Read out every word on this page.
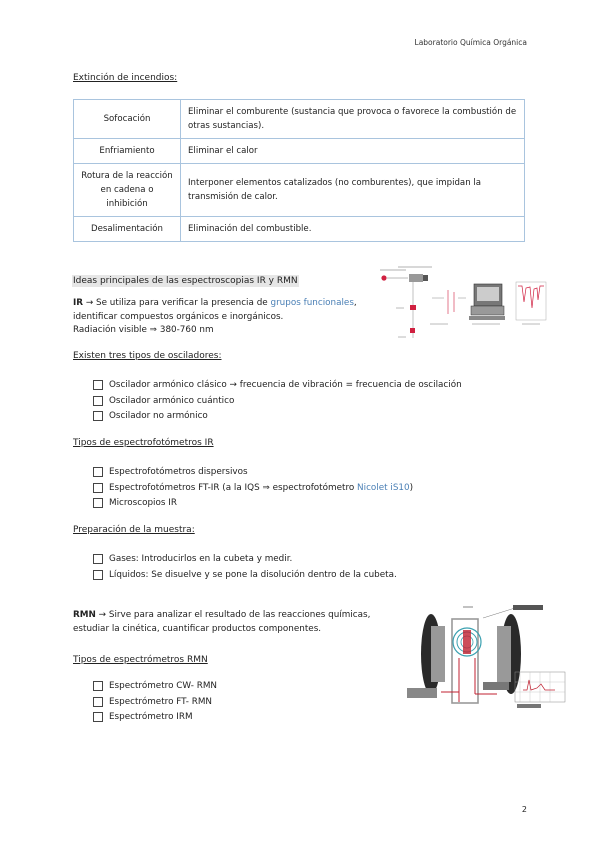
Laboratorio Química Orgánica
Extinción de incendios:
Sofocación	Eliminar el comburente (sustancia que provoca o favorece la combustión de otras sustancias).
Enfriamiento	Eliminar el calor
Rotura de la reacción en cadena o inhibición	Interponer elementos catalizados (no comburentes), que impidan la transmisión de calor.
Desalimentación	Eliminación del combustible.
Ideas principales de las espectroscopias IR y RMN
IR → Se utiliza para verificar la presencia de grupos funcionales,
identificar compuestos orgánicos e inorgánicos.
Radiación visible ⇒ 380-760 nm
Existen tres tipos de osciladores:
Oscilador armónico clásico → frecuencia de vibración = frecuencia de oscilación
Oscilador armónico cuántico
Oscilador no armónico
Tipos de espectrofotómetros IR
Espectrofotómetros dispersivos
Espectrofotómetros FT-IR (a la IQS ⇒ espectrofotómetro Nicolet iS10)
Microscopios IR
Preparación de la muestra:
Gases: Introducirlos en la cubeta y medir.
Líquidos: Se disuelve y se pone la disolución dentro de la cubeta.
RMN → Sirve para analizar el resultado de las reacciones químicas,
estudiar la cinética, cuantificar productos componentes.
Tipos de espectrómetros RMN
Espectrómetro CW- RMN
Espectrómetro FT- RMN
Espectrómetro IRM
2
